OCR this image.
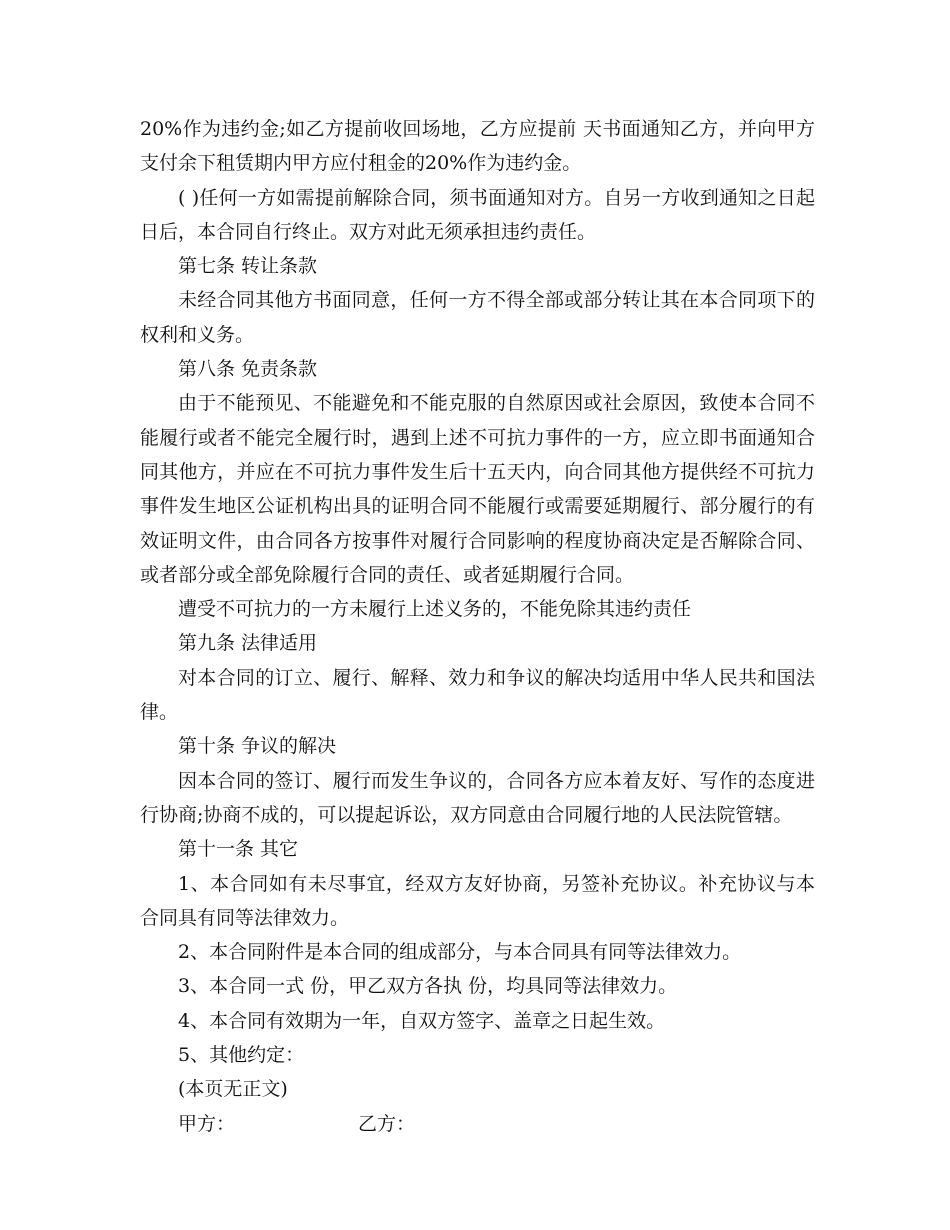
20%作为违约金;如乙方提前收回场地，乙方应提前 天书面通知乙方，并向甲方支付余下租赁期内甲方应付租金的20%作为违约金。

( )任何一方如需提前解除合同，须书面通知对方。自另一方收到通知之日起 日后，本合同自行终止。双方对此无须承担违约责任。

第七条 转让条款

未经合同其他方书面同意，任何一方不得全部或部分转让其在本合同项下的权利和义务。

第八条 免责条款

由于不能预见、不能避免和不能克服的自然原因或社会原因，致使本合同不能履行或者不能完全履行时，遇到上述不可抗力事件的一方，应立即书面通知合同其他方，并应在不可抗力事件发生后十五天内，向合同其他方提供经不可抗力事件发生地区公证机构出具的证明合同不能履行或需要延期履行、部分履行的有效证明文件，由合同各方按事件对履行合同影响的程度协商决定是否解除合同、或者部分或全部免除履行合同的责任、或者延期履行合同。

遭受不可抗力的一方未履行上述义务的，不能免除其违约责任

第九条 法律适用

对本合同的订立、履行、解释、效力和争议的解决均适用中华人民共和国法律。

第十条 争议的解决

因本合同的签订、履行而发生争议的，合同各方应本着友好、写作的态度进行协商;协商不成的，可以提起诉讼，双方同意由合同履行地的人民法院管辖。

第十一条 其它

1、本合同如有未尽事宜，经双方友好协商，另签补充协议。补充协议与本合同具有同等法律效力。

2、本合同附件是本合同的组成部分，与本合同具有同等法律效力。

3、本合同一式 份，甲乙双方各执 份，均具同等法律效力。

4、本合同有效期为一年，自双方签字、盖章之日起生效。

5、其他约定：

(本页无正文)

甲方：	乙方：
